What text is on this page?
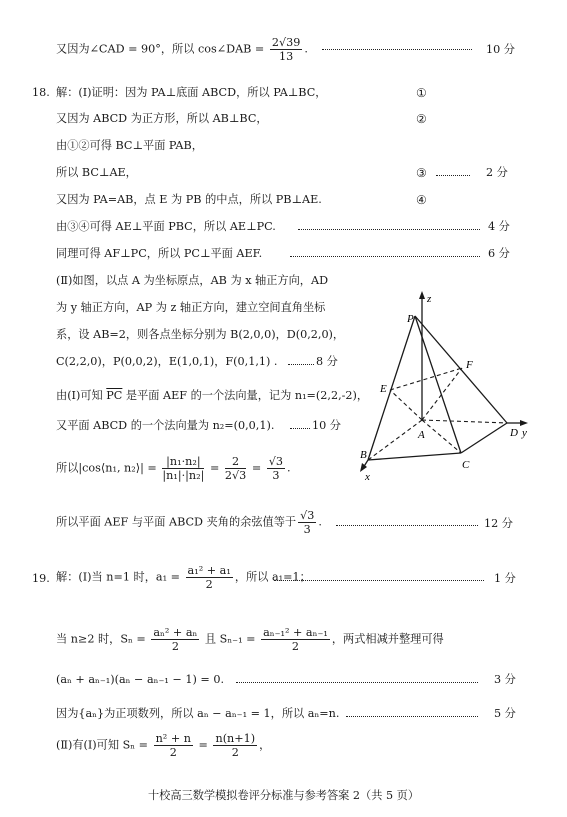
又因为∠CAD = 90°，所以 cos∠DAB = $\frac{2√39}{13}$ .	10 分
18. 解：(Ⅰ)证明：因为 PA⊥底面 ABCD，所以 PA⊥BC，	①
又因为 ABCD 为正方形，所以 AB⊥BC，	②
由①②可得 BC⊥平面 PAB，
所以 BC⊥AE，	③	2 分
又因为 PA=AB，点 E 为 PB 的中点，所以 PB⊥AE.	④
由③④可得 AE⊥平面 PBC，所以 AE⊥PC.	4 分
同理可得 AF⊥PC，所以 PC⊥平面 AEF.	6 分
(Ⅱ)如图，以点 A 为坐标原点，AB 为 x 轴正方向，AD
为 y 轴正方向，AP 为 z 轴正方向，建立空间直角坐标
系，设 AB=2，则各点坐标分别为 B(2,0,0)，D(0,2,0)，
C(2,2,0)，P(0,0,2)，E(1,0,1)，F(0,1,1) .	8 分
由(Ⅰ)可知 $\overline{PC}$ 是平面 AEF 的一个法向量，记为 n₁=(2,2,-2)，
又平面 ABCD 的一个法向量为 n₂=(0,0,1).	10 分
所以|cos⟨n₁, n₂⟩| = $\frac{\text{|n₁·n₂|}}{\text{|n₁|·|n₂|}} = \frac{2}{2√3} = \frac{√3}{3}$ .
所以平面 AEF 与平面 ABCD 夹角的余弦值等于 $\frac{√3}{3}$ .	12 分
z
P
E
F
A
B
C
D y
x
19. 解：(Ⅰ)当 n=1 时，$a_1 = \frac{\text{a₁² + a₁}}{2}$ ，所以 a₁=1；	1 分
当 n≥2 时，$S_n = \frac{\text{aₙ² + aₙ}}{2}$ 且 $S_{n-1} = \frac{\text{aₙ₋₁² + aₙ₋₁}}{2}$ ，两式相减并整理可得
(aₙ + aₙ₋₁)(aₙ − aₙ₋₁ − 1) = 0.	3 分
因为{aₙ}为正项数列，所以 aₙ − aₙ₋₁ = 1，所以 aₙ=n.	5 分
(Ⅱ)有(Ⅰ)可知 $S_n = \frac{\text{n² + n}}{2} = \frac{n(n+1)}{2}$ ，
十校高三数学模拟卷评分标准与参考答案 2（共 5 页）
